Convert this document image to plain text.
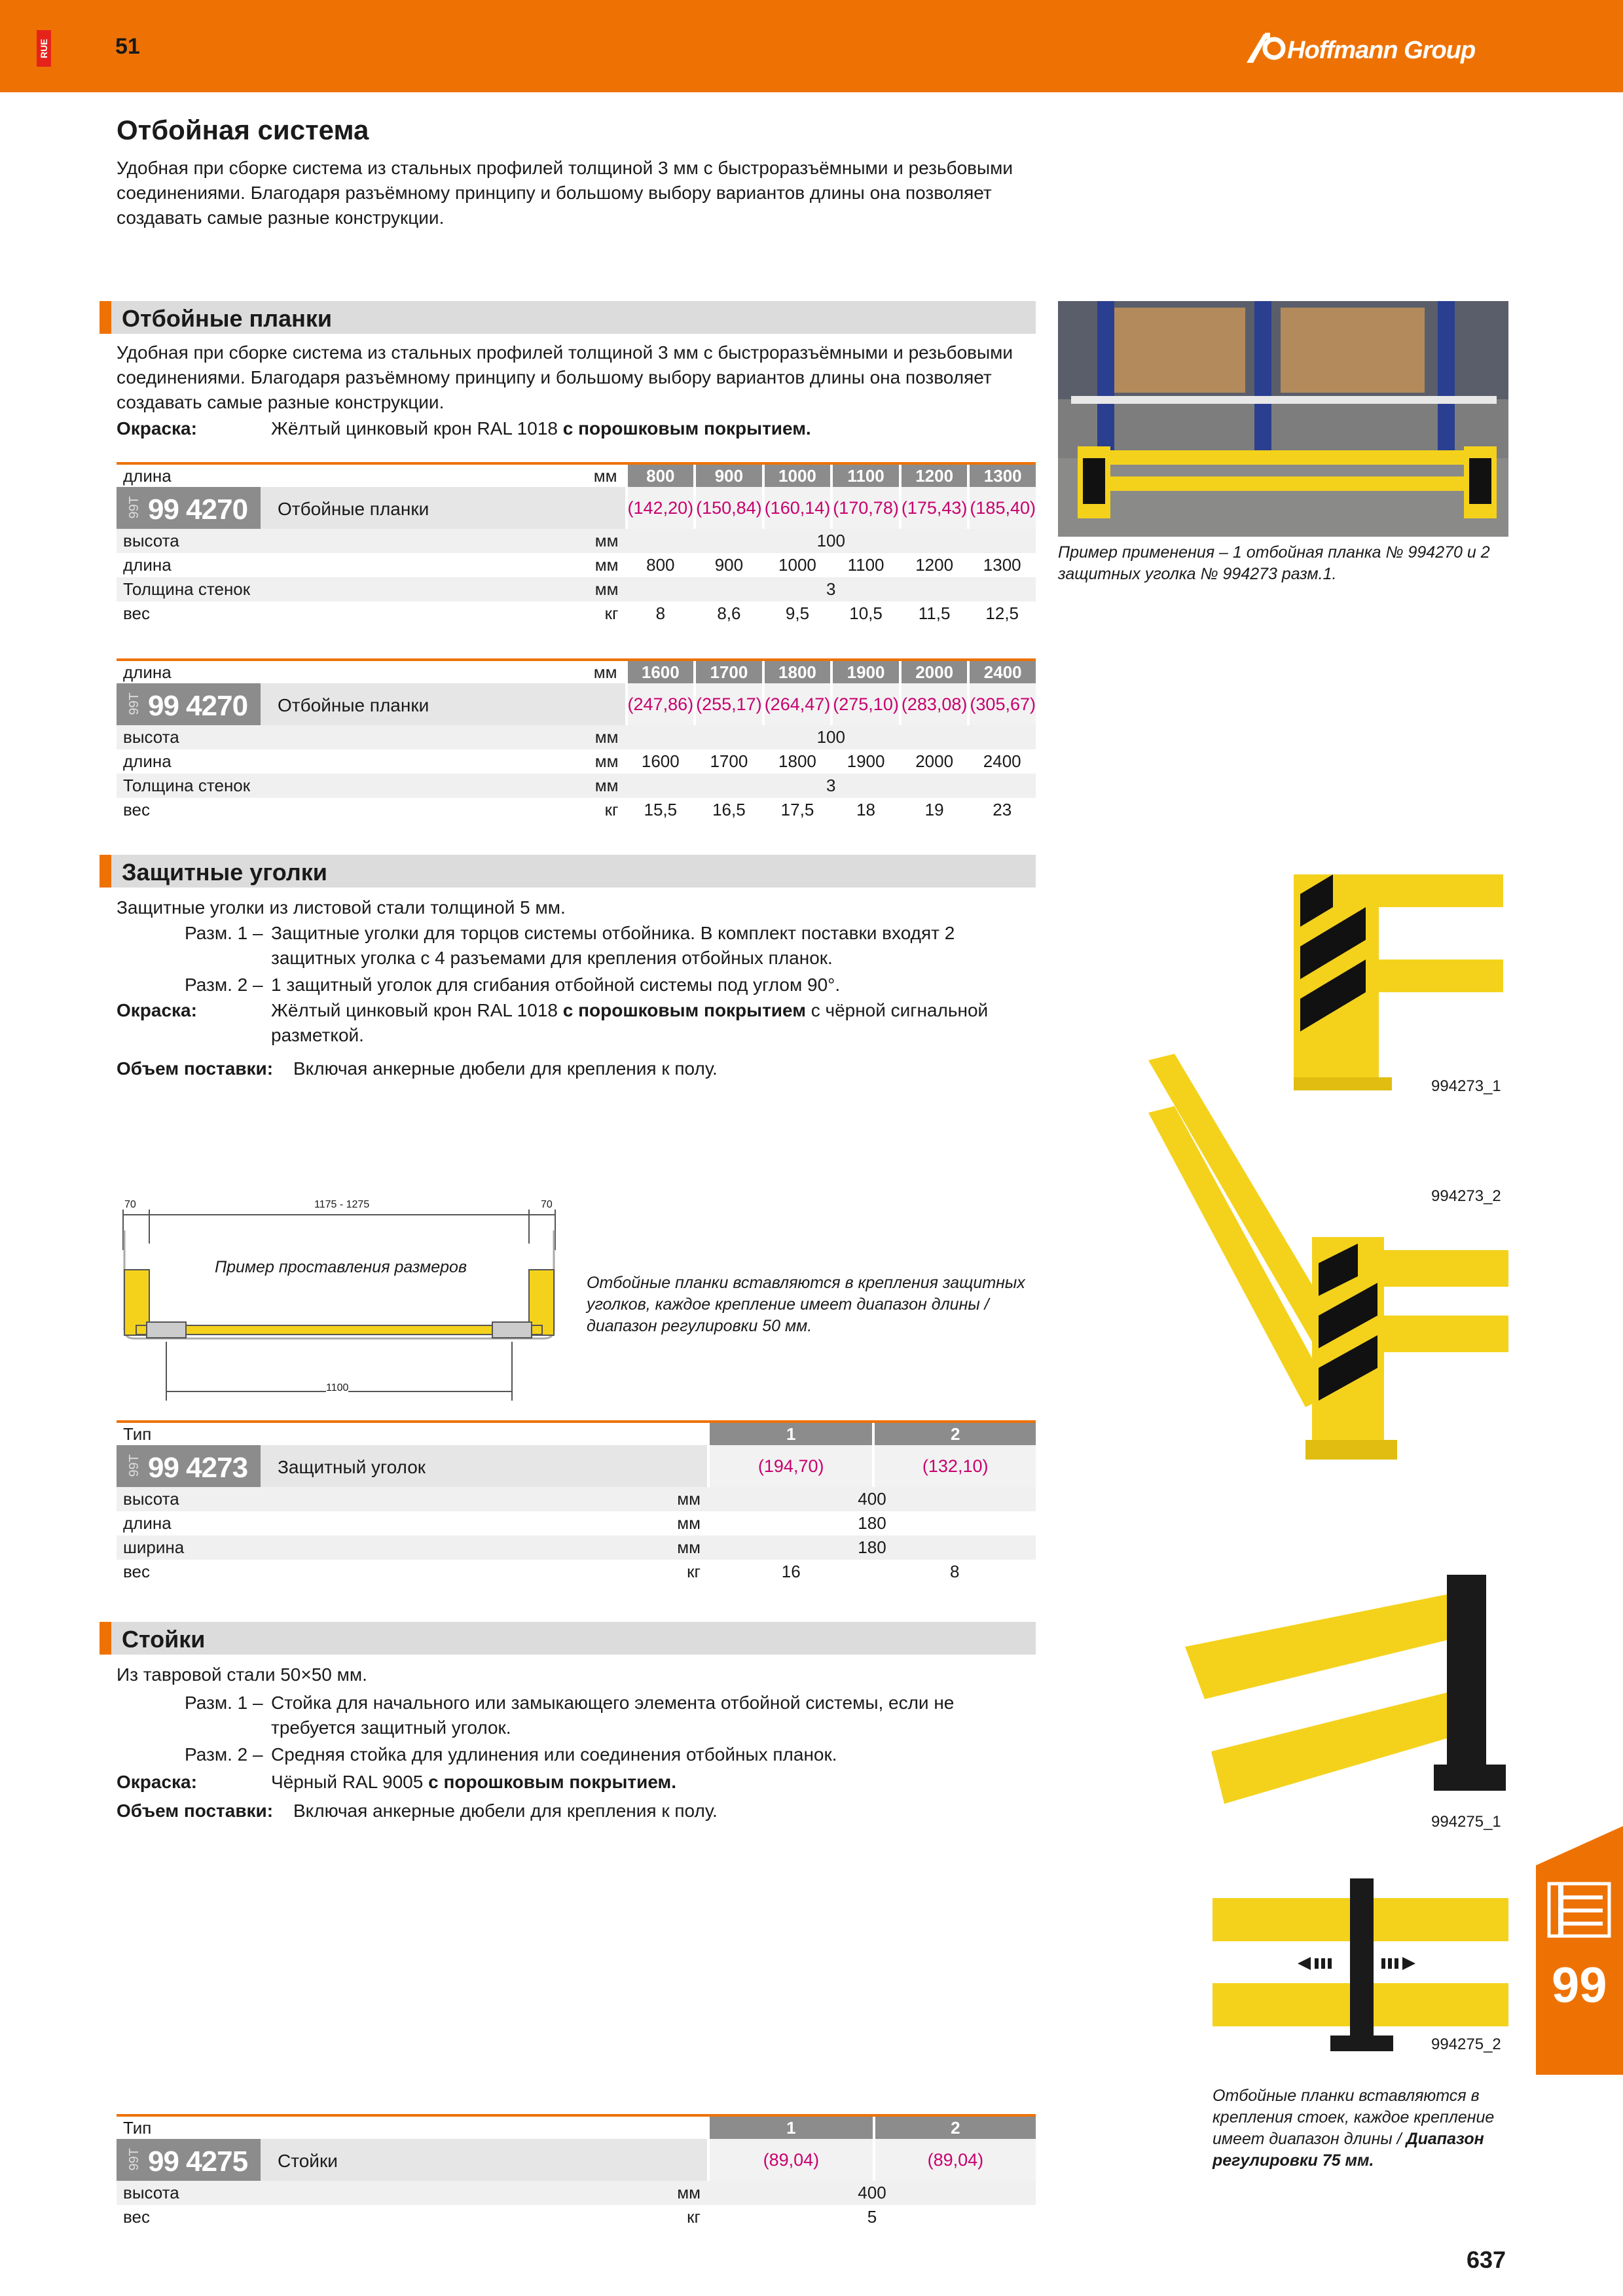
RUE	51	Hoffmann Group
Отбойная система
Удобная при сборке система из стальных профилей толщиной 3 мм с быстроразъёмными и резьбовыми соединениями. Благодаря разъёмному принципу и большому выбору вариантов длины она позволяет создавать самые разные конструкции.
Отбойные планки
Удобная при сборке система из стальных профилей толщиной 3 мм с быстроразъёмными и резьбовыми соединениями. Благодаря разъёмному принципу и большому выбору вариантов длины она позволяет создавать самые разные конструкции.
Окраска:	Жёлтый цинковый крон RAL 1018 с порошковым покрытием.
длина	мм	800	900	1000	1100	1200	1300

99T 99 4270 Отбойные планки		(142,20)	(150,84)	(160,14)	(170,78)	(175,43)	(185,40)
высота	мм	100					
длина	мм	800	900	1000	1100	1200	1300
Толщина стенок	мм	3					
вес	кг	8	8,6	9,5	10,5	11,5	12,5
длина	мм	1600	1700	1800	1900	2000	2400

99T 99 4270 Отбойные планки		(247,86)	(255,17)	(264,47)	(275,10)	(283,08)	(305,67)
высота	мм	100					
длина	мм	1600	1700	1800	1900	2000	2400
Толщина стенок	мм	3					
вес	кг	15,5	16,5	17,5	18	19	23
Пример применения – 1 отбойная планка № 994270 и 2 защитных уголка № 994273 разм.1.
Защитные уголки
Защитные уголки из листовой стали толщиной 5 мм.
Разм. 1 – Защитные уголки для торцов системы отбойника. В комплект поставки входят 2 защитных уголка с 4 разъемами для крепления отбойных планок.
Разм. 2 – 1 защитный уголок для сгибания отбойной системы под углом 90°.
Окраска:	Жёлтый цинковый крон RAL 1018 с порошковым покрытием с чёрной сигнальной разметкой.
Объем поставки: Включая анкерные дюбели для крепления к полу.
70	1175 - 1275	70
1100
Пример проставления размеров
Отбойные планки вставляются в крепления защитных уголков, каждое крепление имеет диапазон длины / диапазон регулировки 50 мм.
994273_1
994273_2
Тип		1	2

99T 99 4273 Защитный уголок		(194,70)	(132,10)
высота	мм	400	
длина	мм	180	
ширина	мм	180	
вес	кг	16	8
Стойки
Из тавровой стали 50×50 мм.
Разм. 1 – Стойка для начального или замыкающего элемента отбойной системы, если не требуется защитный уголок.
Разм. 2 – Средняя стойка для удлинения или соединения отбойных планок.
Окраска:	Чёрный RAL 9005 с порошковым покрытием.
Объем поставки: Включая анкерные дюбели для крепления к полу.
994275_1
994275_2
Отбойные планки вставляются в крепления стоек, каждое крепление имеет диапазон длины / Диапазон регулировки 75 мм.
Тип		1	2

99T 99 4275 Стойки		(89,04)	(89,04)
высота	мм	400	
вес	кг	5	
99
637
